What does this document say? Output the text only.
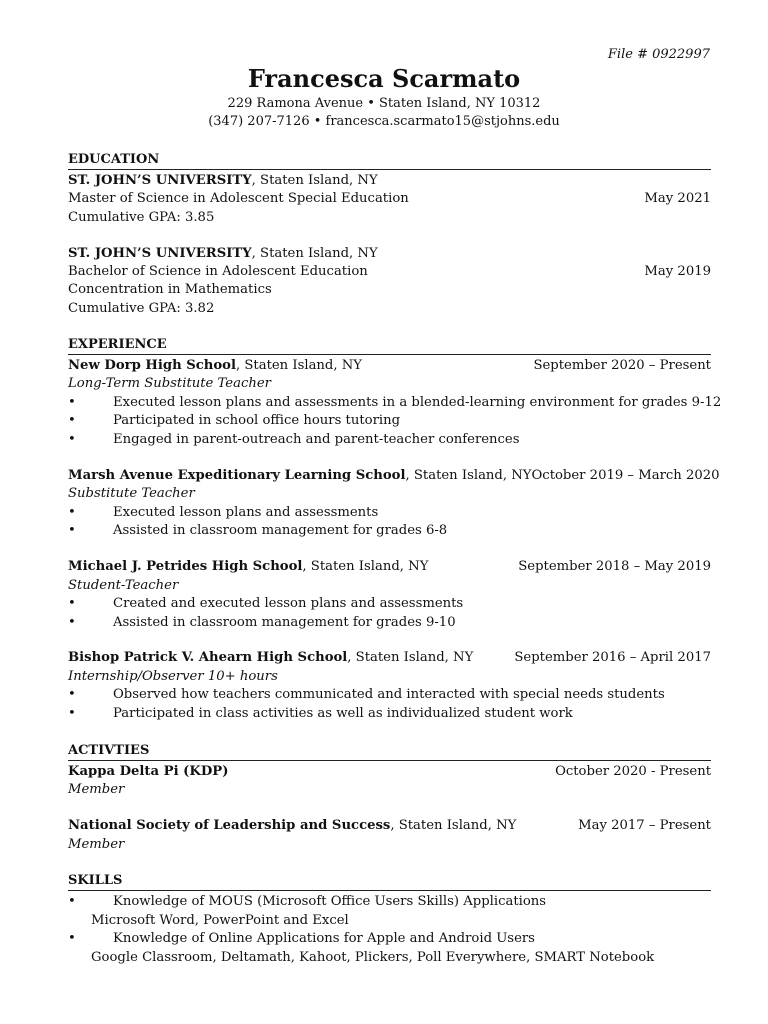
File # 0922997
Francesca Scarmato
229 Ramona Avenue • Staten Island, NY 10312
(347) 207-7126 • francesca.scarmato15@stjohns.edu
EDUCATION
ST. JOHN’S UNIVERSITY, Staten Island, NY
Master of Science in Adolescent Special Education	May 2021
Cumulative GPA: 3.85
ST. JOHN’S UNIVERSITY, Staten Island, NY
Bachelor of Science in Adolescent Education	May 2019
Concentration in Mathematics
Cumulative GPA: 3.82
EXPERIENCE
New Dorp High School, Staten Island, NY	September 2020 – Present
Long-Term Substitute Teacher
•	Executed lesson plans and assessments in a blended-learning environment for grades 9-12
•	Participated in school office hours tutoring
•	Engaged in parent-outreach and parent-teacher conferences
Marsh Avenue Expeditionary Learning School, Staten Island, NY October 2019 – March 2020
Substitute Teacher
•	Executed lesson plans and assessments
•	Assisted in classroom management for grades 6-8
Michael J. Petrides High School, Staten Island, NY	September 2018 – May 2019
Student-Teacher
•	Created and executed lesson plans and assessments
•	Assisted in classroom management for grades 9-10
Bishop Patrick V. Ahearn High School, Staten Island, NY	September 2016 – April 2017
Internship/Observer 10+ hours
•	Observed how teachers communicated and interacted with special needs students
•	Participated in class activities as well as individualized student work
ACTIVTIES
Kappa Delta Pi (KDP)	October 2020 - Present
Member
National Society of Leadership and Success, Staten Island, NY	May 2017 – Present
Member
SKILLS
•	Knowledge of MOUS (Microsoft Office Users Skills) Applications
Microsoft Word, PowerPoint and Excel
•	Knowledge of Online Applications for Apple and Android Users
Google Classroom, Deltamath, Kahoot, Plickers, Poll Everywhere, SMART Notebook
